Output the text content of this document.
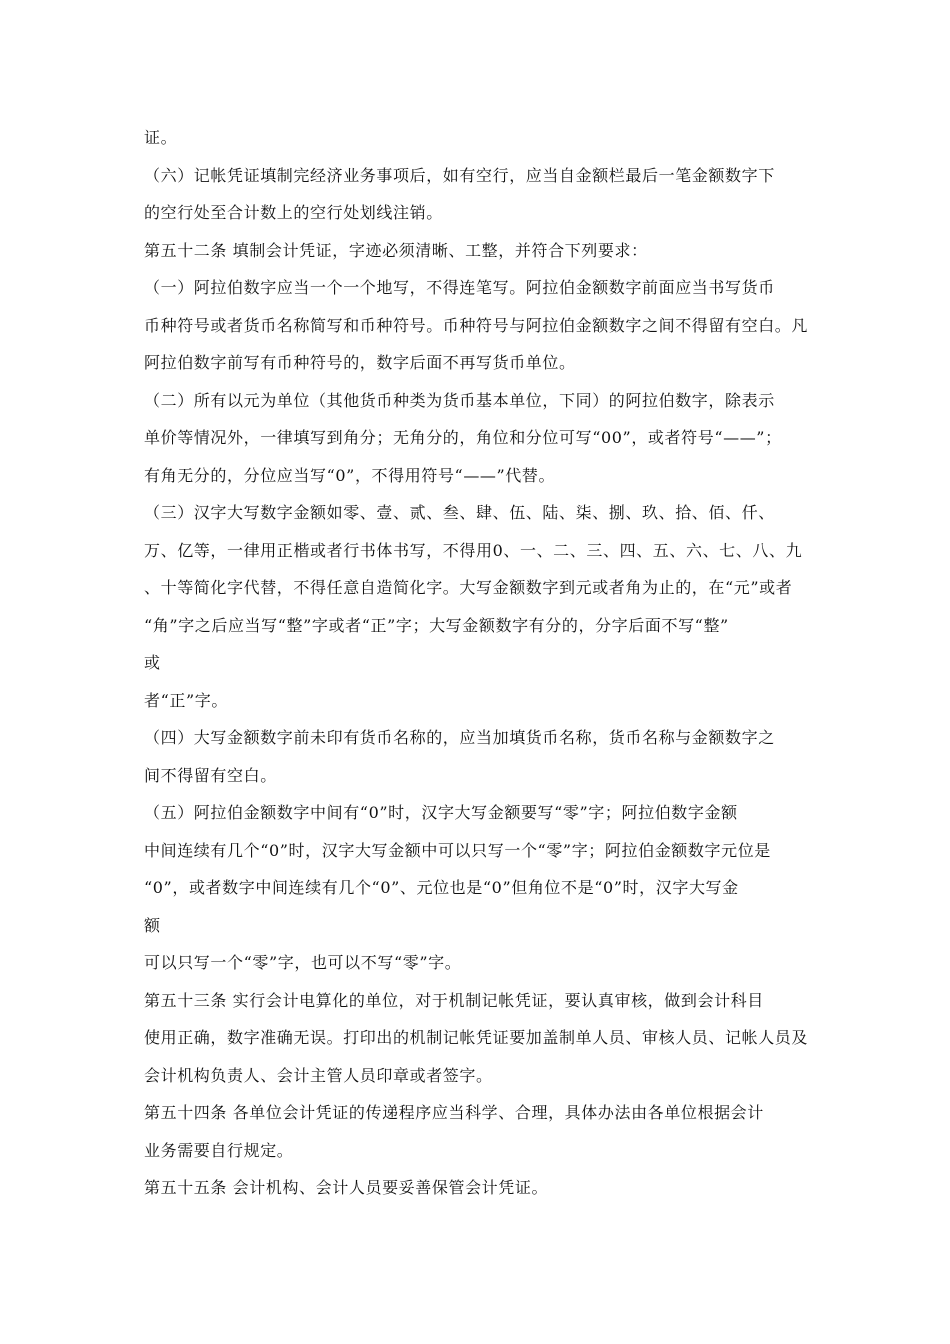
证。
（六）记帐凭证填制完经济业务事项后，如有空行，应当自金额栏最后一笔金额数字下
的空行处至合计数上的空行处划线注销。
第五十二条 填制会计凭证，字迹必须清晰、工整，并符合下列要求：
（一）阿拉伯数字应当一个一个地写，不得连笔写。阿拉伯金额数字前面应当书写货币
币种符号或者货币名称简写和币种符号。币种符号与阿拉伯金额数字之间不得留有空白。凡
阿拉伯数字前写有币种符号的，数字后面不再写货币单位。
（二）所有以元为单位（其他货币种类为货币基本单位，下同）的阿拉伯数字，除表示
单价等情况外，一律填写到角分；无角分的，角位和分位可写“00”，或者符号“——”；
有角无分的，分位应当写“0”，不得用符号“——”代替。
（三）汉字大写数字金额如零、壹、贰、叁、肆、伍、陆、柒、捌、玖、拾、佰、仟、
万、亿等，一律用正楷或者行书体书写，不得用0、一、二、三、四、五、六、七、八、九
、十等简化字代替，不得任意自造简化字。大写金额数字到元或者角为止的，在“元”或者
“角”字之后应当写“整”字或者“正”字；大写金额数字有分的，分字后面不写“整”
或
者“正”字。
（四）大写金额数字前未印有货币名称的，应当加填货币名称，货币名称与金额数字之
间不得留有空白。
（五）阿拉伯金额数字中间有“0”时，汉字大写金额要写“零”字；阿拉伯数字金额
中间连续有几个“0”时，汉字大写金额中可以只写一个“零”字；阿拉伯金额数字元位是
“0”，或者数字中间连续有几个“0”、元位也是“0”但角位不是“0”时，汉字大写金
额
可以只写一个“零”字，也可以不写“零”字。
第五十三条 实行会计电算化的单位，对于机制记帐凭证，要认真审核，做到会计科目
使用正确，数字准确无误。打印出的机制记帐凭证要加盖制单人员、审核人员、记帐人员及
会计机构负责人、会计主管人员印章或者签字。
第五十四条 各单位会计凭证的传递程序应当科学、合理，具体办法由各单位根据会计
业务需要自行规定。
第五十五条 会计机构、会计人员要妥善保管会计凭证。
